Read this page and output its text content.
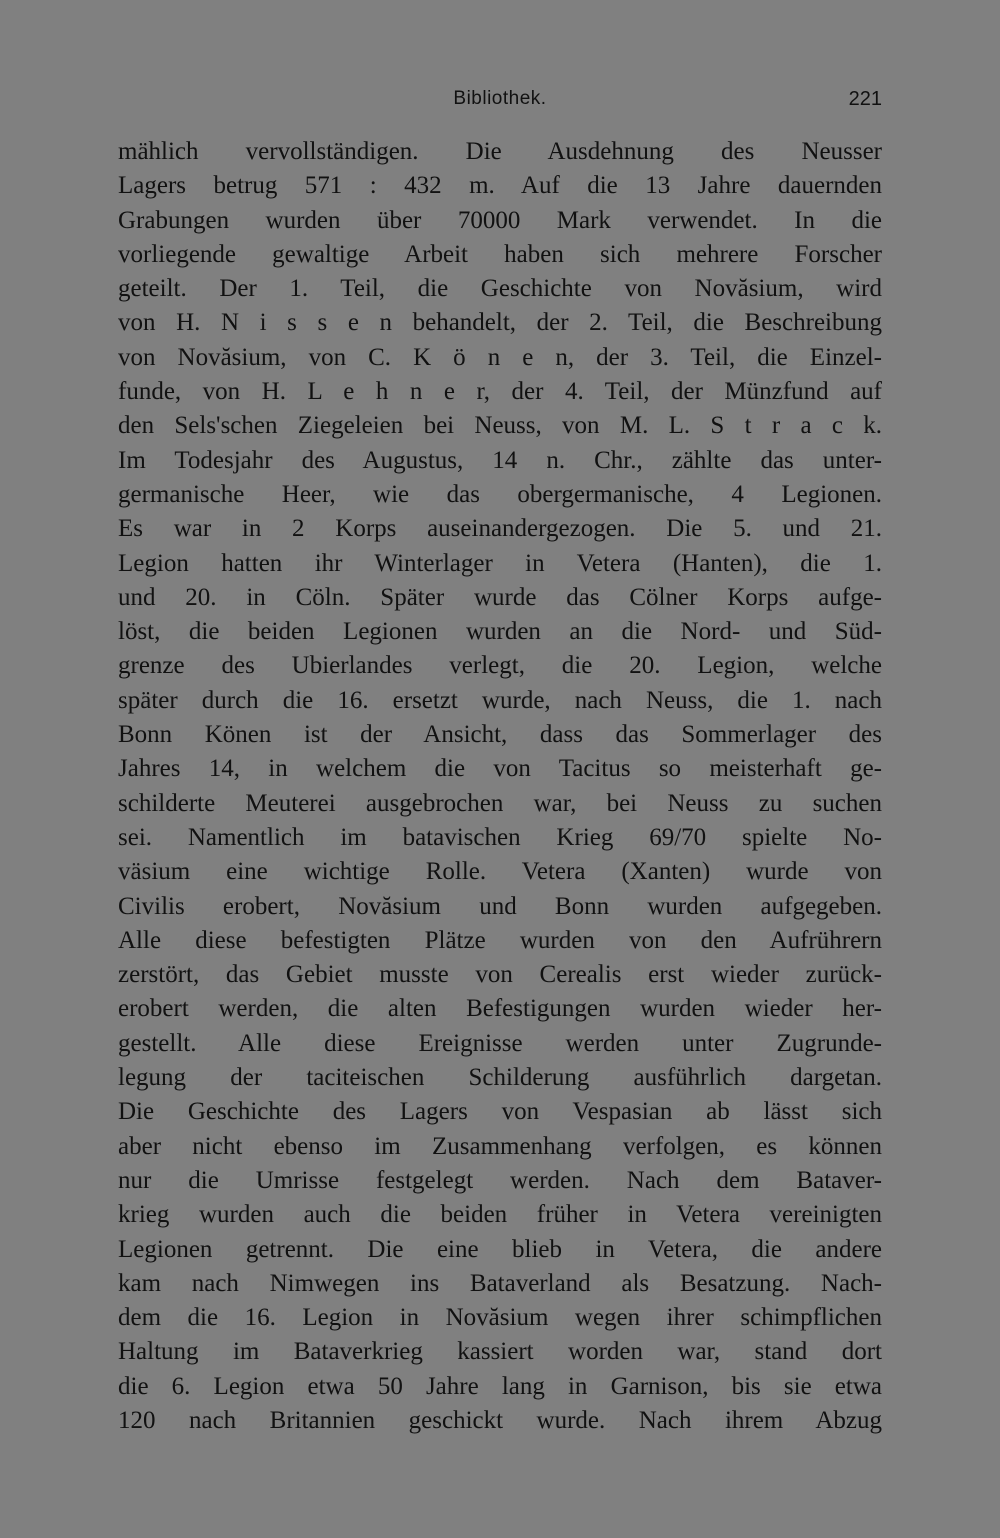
Bibliothek.	221
mählich vervollständigen. Die Ausdehnung des Neusser
Lagers betrug 571 : 432 m. Auf die 13 Jahre dauernden
Grabungen wurden über 70000 Mark verwendet. In die
vorliegende gewaltige Arbeit haben sich mehrere Forscher
geteilt. Der 1. Teil, die Geschichte von Novăsium, wird
von H. N i s s e n behandelt, der 2. Teil, die Beschreibung
von Novăsium, von C. K ö n e n, der 3. Teil, die Einzel-
funde, von H. L e h n e r, der 4. Teil, der Münzfund auf
den Sels'schen Ziegeleien bei Neuss, von M. L. S t r a c k.
Im Todesjahr des Augustus, 14 n. Chr., zählte das unter-
germanische Heer, wie das obergermanische, 4 Legionen.
Es war in 2 Korps auseinandergezogen. Die 5. und 21.
Legion hatten ihr Winterlager in Vetera (Hanten), die 1.
und 20. in Cöln. Später wurde das Cölner Korps aufge-
löst, die beiden Legionen wurden an die Nord- und Süd-
grenze des Ubierlandes verlegt, die 20. Legion, welche
später durch die 16. ersetzt wurde, nach Neuss, die 1. nach
Bonn Könen ist der Ansicht, dass das Sommerlager des
Jahres 14, in welchem die von Tacitus so meisterhaft ge-
schilderte Meuterei ausgebrochen war, bei Neuss zu suchen
sei. Namentlich im batavischen Krieg 69/70 spielte No-
väsium eine wichtige Rolle. Vetera (Xanten) wurde von
Civilis erobert, Novăsium und Bonn wurden aufgegeben.
Alle diese befestigten Plätze wurden von den Aufrührern
zerstört, das Gebiet musste von Cerealis erst wieder zurück-
erobert werden, die alten Befestigungen wurden wieder her-
gestellt. Alle diese Ereignisse werden unter Zugrunde-
legung der taciteischen Schilderung ausführlich dargetan.
Die Geschichte des Lagers von Vespasian ab lässt sich
aber nicht ebenso im Zusammenhang verfolgen, es können
nur die Umrisse festgelegt werden. Nach dem Bataver-
krieg wurden auch die beiden früher in Vetera vereinigten
Legionen getrennt. Die eine blieb in Vetera, die andere
kam nach Nimwegen ins Bataverland als Besatzung. Nach-
dem die 16. Legion in Novăsium wegen ihrer schimpflichen
Haltung im Bataverkrieg kassiert worden war, stand dort
die 6. Legion etwa 50 Jahre lang in Garnison, bis sie etwa
120 nach Britannien geschickt wurde. Nach ihrem Abzug
